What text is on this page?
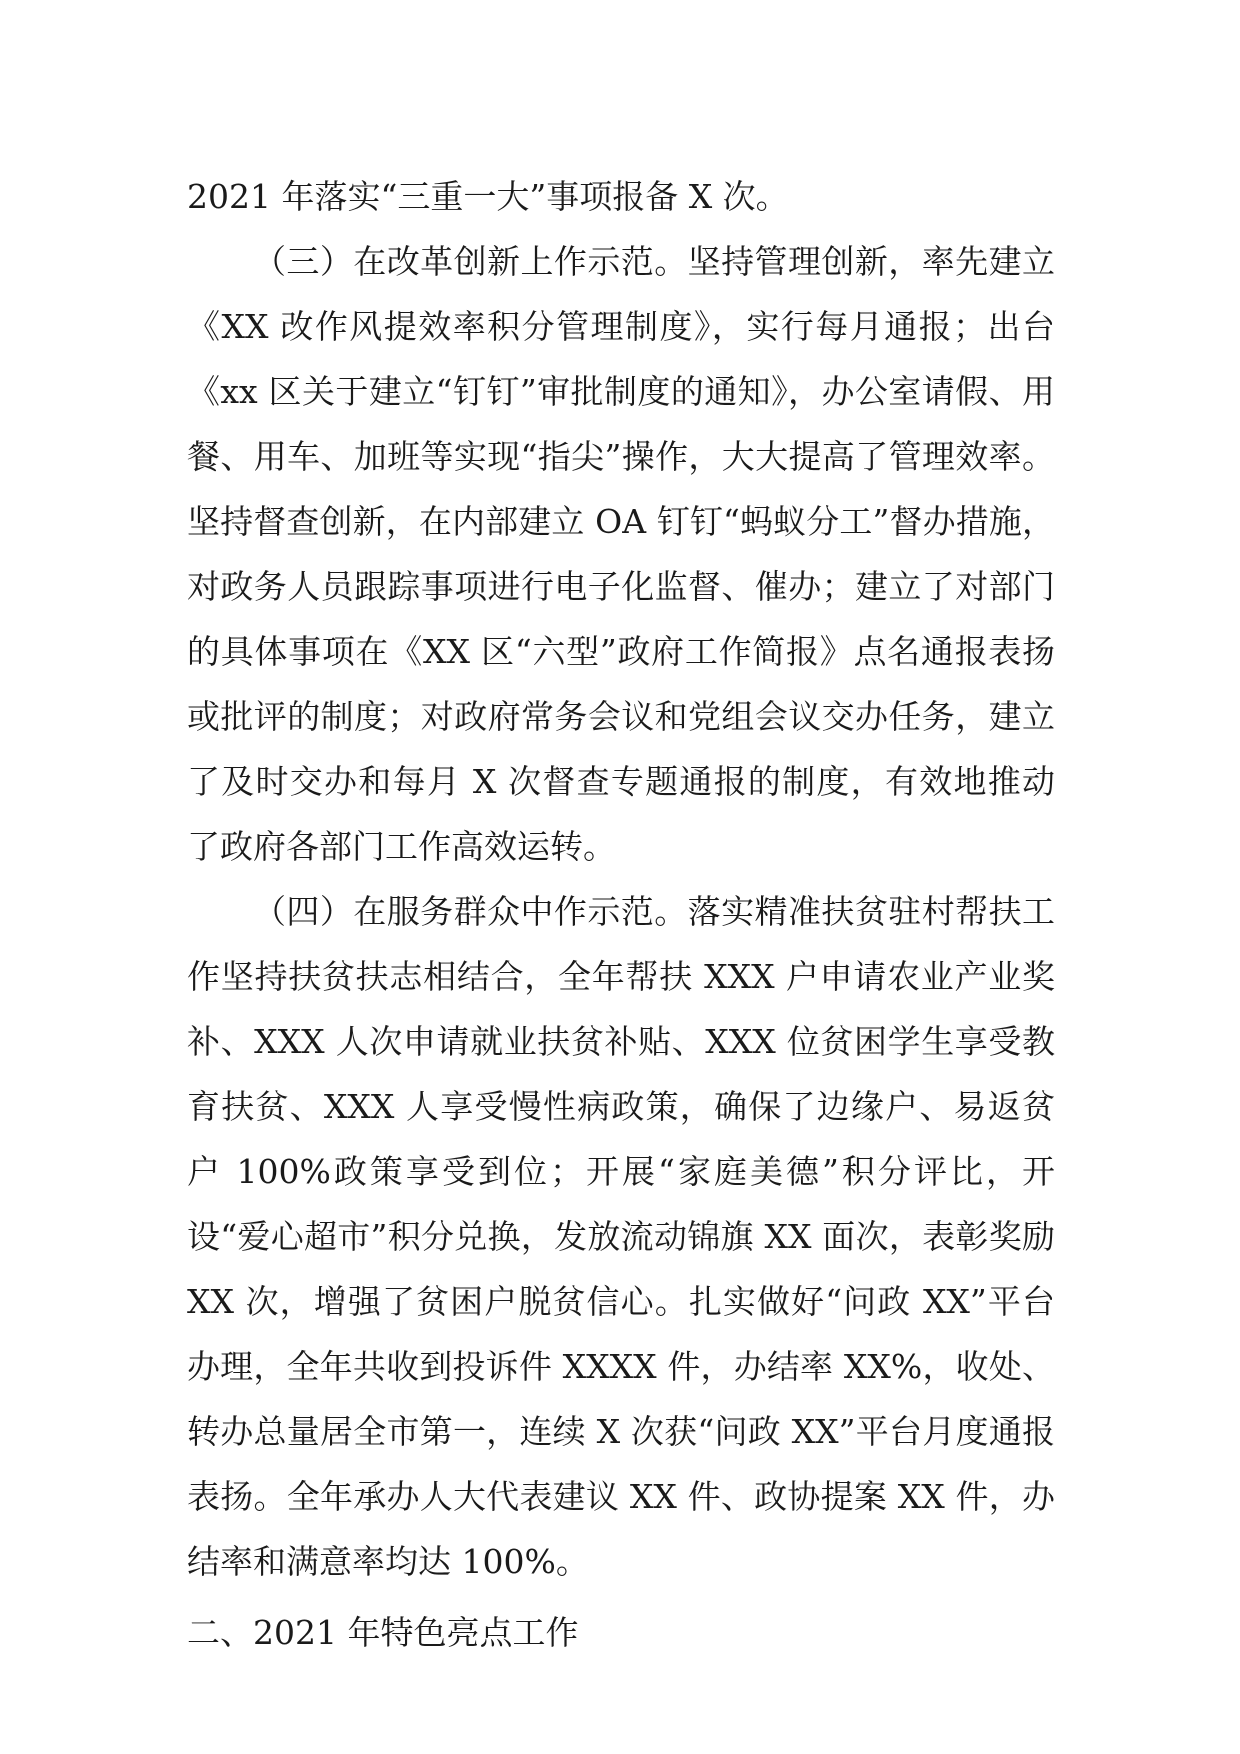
2021 年落实“三重一大”事项报备 X 次。

（三）在改革创新上作示范。坚持管理创新，率先建立《XX 改作风提效率积分管理制度》，实行每月通报；出台《xx 区关于建立“钉钉”审批制度的通知》，办公室请假、用餐、用车、加班等实现“指尖”操作，大大提高了管理效率。坚持督查创新，在内部建立 OA 钉钉“蚂蚁分工”督办措施，对政务人员跟踪事项进行电子化监督、催办；建立了对部门的具体事项在《XX 区“六型”政府工作简报》点名通报表扬或批评的制度；对政府常务会议和党组会议交办任务，建立了及时交办和每月 X 次督查专题通报的制度，有效地推动了政府各部门工作高效运转。

（四）在服务群众中作示范。落实精准扶贫驻村帮扶工作坚持扶贫扶志相结合，全年帮扶 XXX 户申请农业产业奖补、XXX 人次申请就业扶贫补贴、XXX 位贫困学生享受教育扶贫、XXX 人享受慢性病政策，确保了边缘户、易返贫户 100%政策享受到位；开展“家庭美德”积分评比，开设“爱心超市”积分兑换，发放流动锦旗 XX 面次，表彰奖励 XX 次，增强了贫困户脱贫信心。扎实做好“问政 XX”平台办理，全年共收到投诉件 XXXX 件，办结率 XX%，收处、转办总量居全市第一，连续 X 次获“问政 XX”平台月度通报表扬。全年承办人大代表建议 XX 件、政协提案 XX 件，办结率和满意率均达 100%。

二、2021 年特色亮点工作
